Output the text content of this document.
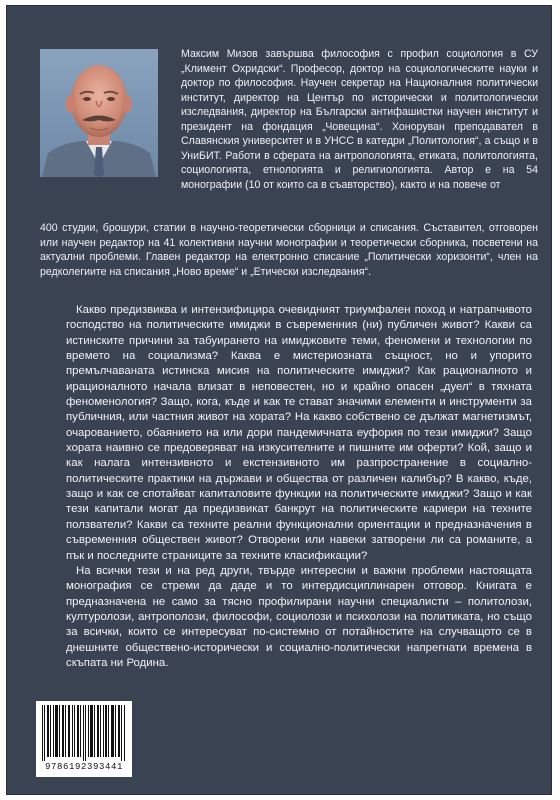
Максим Мизов завършва философия с профил социология в СУ „Климент Охридски“. Професор, доктор на социологическите науки и доктор по философия. Научен секретар на Националния политически институт, директор на Център по исторически и политологически изследвания, директор на Български антифашистки научен институт и президент на фондация „Човещина“. Хоноруван преподавател в Славянския университет и в УНСС в катедри „Политология“, а също и в УниБИТ. Работи в сферата на антропологията, етиката, политологията, социологията, етнологията и религиологията. Автор е на 54 монографии (10 от които са в съавторство), както и на повече от
400 студии, брошури, статии в научно-теоретически сборници и списания. Съставител, отговорен или научен редактор на 41 колективни научни монографии и теоретически сборника, посветени на актуални проблеми. Главен редактор на електронно списание „Политически хоризонти“, член на редколегиите на списания „Ново време“ и „Етически изследвания“.

Какво предизвиква и интензифицира очевидният триумфален поход и натрапчивото господство на политическите имиджи в съвременния (ни) публичен живот? Какви са истинските причини за табуирането на имиджовите теми, феномени и технологии по времето на социализма? Каква е мистериозната същност, но и упорито премълчаваната истинска мисия на политическите имиджи? Как рационалното и ирационалното начала влизат в неповестен, но и крайно опасен „дуел“ в тяхната феноменология? Защо, кога, къде и как те стават значими елементи и инструменти за публичния, или частния живот на хората? На какво собствено се дължат магнетизмът, очарованието, обаянието на или дори пандемичната еуфория по тези имиджи? Защо хората наивно се предоверяват на изкусителните и пишните им оферти? Кой, защо и как налага интензивното и екстензивното им разпространение в социално-политическите практики на държави и общества от различен калибър? В какво, къде, защо и как се спотайват капиталовите функции на политическите имиджи? Защо и как тези капитали могат да предизвикат банкрут на политическите кариери на техните ползватели? Какви са техните реални функционални ориентации и предназначения в съвременния обществен живот? Отворени или навеки затворени ли са романите, а пък и последните страниците за техните класификации?

На всички тези и на ред други, твърде интересни и важни проблеми настоящата монография се стреми да даде и то интердисциплинарен отговор. Книгата е предназначена не само за тясно профилирани научни специалисти – политолози, културолози, антрополози, философи, социолози и психолози на политиката, но също за всички, които се интересуват по-системно от потайностите на случващото се в днешните обществено-исторически и социално-политически напрегнати времена в скъпата ни Родина.

9786192393441
